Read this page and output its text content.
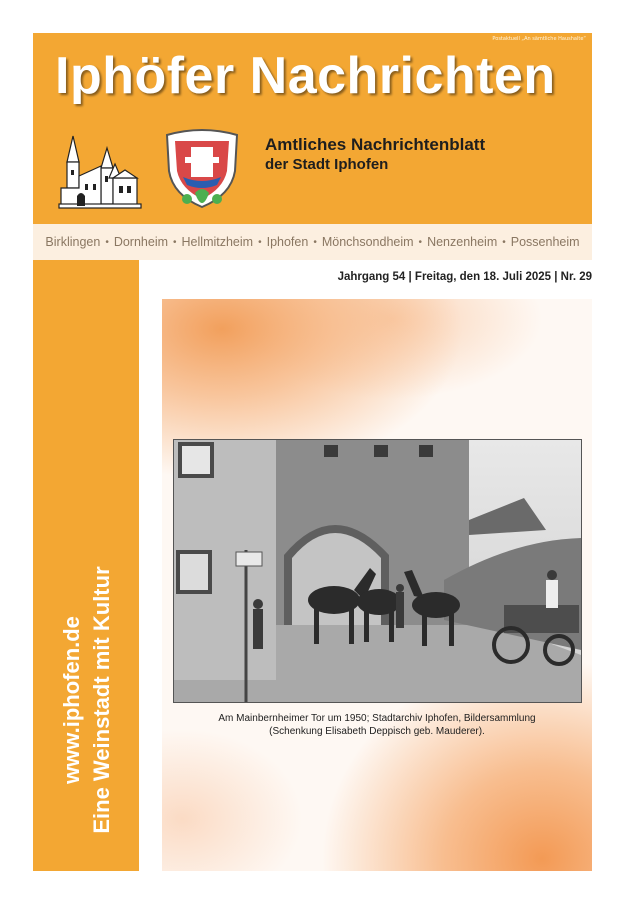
Postaktuell „An sämtliche Haushalte“
Iphöfer Nachrichten
Amtliches Nachrichtenblatt
der Stadt Iphofen
Birklingen • Dornheim • Hellmitzheim • Iphofen • Mönchsondheim • Nenzenheim • Possenheim
www.iphofen.de Eine Weinstadt mit Kultur
Jahrgang 54 | Freitag, den 18. Juli 2025 | Nr. 29
Am Mainbernheimer Tor um 1950; Stadtarchiv Iphofen, Bildersammlung
(Schenkung Elisabeth Deppisch geb. Mauderer).
